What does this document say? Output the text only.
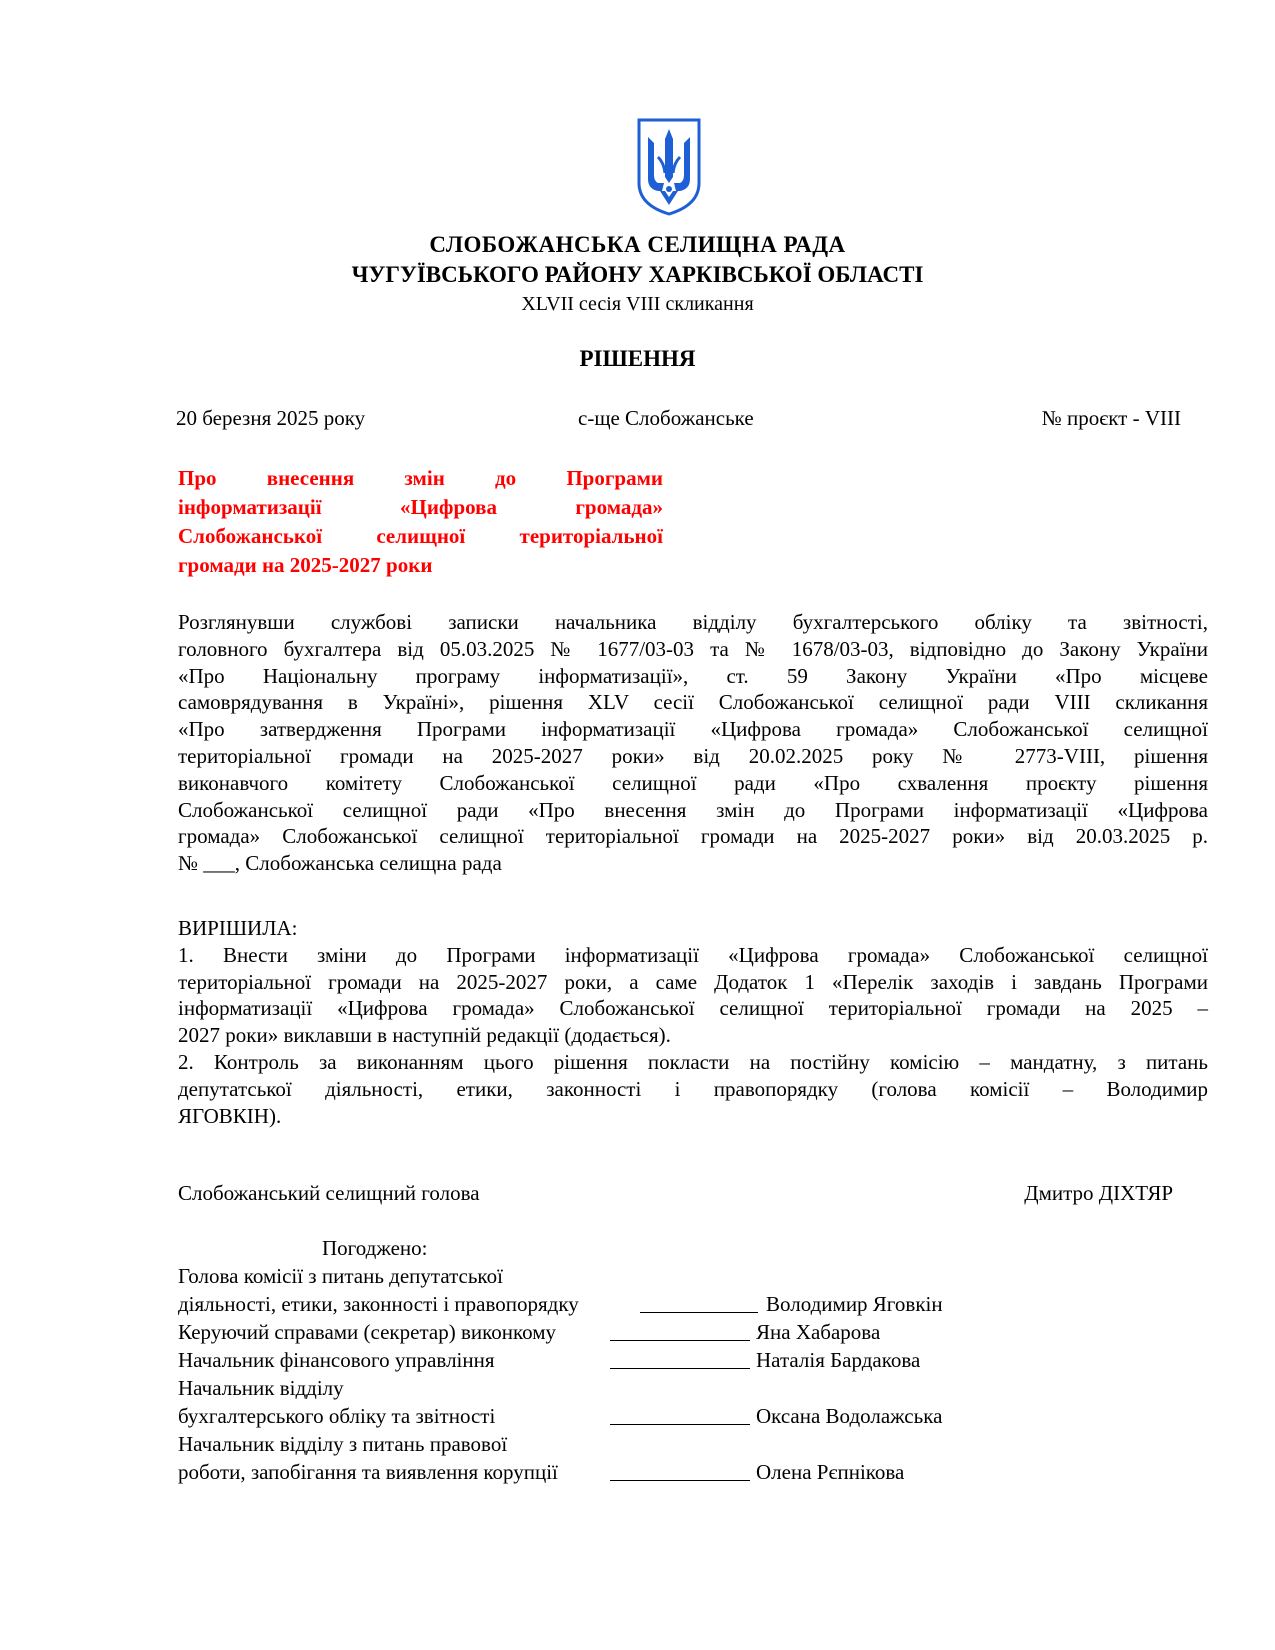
СЛОБОЖАНСЬКА СЕЛИЩНА РАДА
ЧУГУЇВСЬКОГО РАЙОНУ ХАРКІВСЬКОЇ ОБЛАСТІ
XLVІІ сесія VІІІ скликання
РІШЕННЯ
20 березня 2025 року	с-ще Слобожанське	№ проєкт - VIІІ
Про внесення змін до Програми
інформатизації «Цифрова громада»
Слобожанської селищної територіальної
громади на 2025-2027 роки
Розглянувши службові записки начальника відділу бухгалтерського обліку та звітності,
головного бухгалтера від 05.03.2025 № 1677/03-03 та № 1678/03-03, відповідно до Закону України
«Про Національну програму інформатизації», ст. 59 Закону України «Про місцеве
самоврядування в Україні», рішення XLV сесії Слобожанської селищної ради VІІІ скликання
«Про затвердження Програми інформатизації «Цифрова громада» Слобожанської селищної
територіальної громади на 2025-2027 роки» від 20.02.2025 року № 2773-VІІІ, рішення
виконавчого комітету Слобожанської селищної ради «Про схвалення проєкту рішення
Слобожанської селищної ради «Про внесення змін до Програми інформатизації «Цифрова
громада» Слобожанської селищної територіальної громади на 2025-2027 роки» від 20.03.2025 р.
№ ___, Слобожанська селищна рада
ВИРІШИЛА:
1. Внести зміни до Програми інформатизації «Цифрова громада» Слобожанської селищної
територіальної громади на 2025-2027 роки, а саме Додаток 1 «Перелік заходів і завдань Програми
інформатизації «Цифрова громада» Слобожанської селищної територіальної громади на 2025 –
2027 роки» виклавши в наступній редакції (додається).
2. Контроль за виконанням цього рішення покласти на постійну комісію – мандатну, з питань
депутатської діяльності, етики, законності і правопорядку (голова комісії – Володимир
ЯГОВКІН).
Слобожанський селищний голова	Дмитро ДІХТЯР
Погоджено:
Голова комісії з питань депутатської
діяльності, етики, законності і правопорядку	Володимир Яговкін
Керуючий справами (секретар) виконкому	Яна Хабарова
Начальник фінансового управління	Наталія Бардакова
Начальник відділу
бухгалтерського обліку та звітності	Оксана Водолажська
Начальник відділу з питань правової
роботи, запобігання та виявлення корупції	Олена Рєпнікова
